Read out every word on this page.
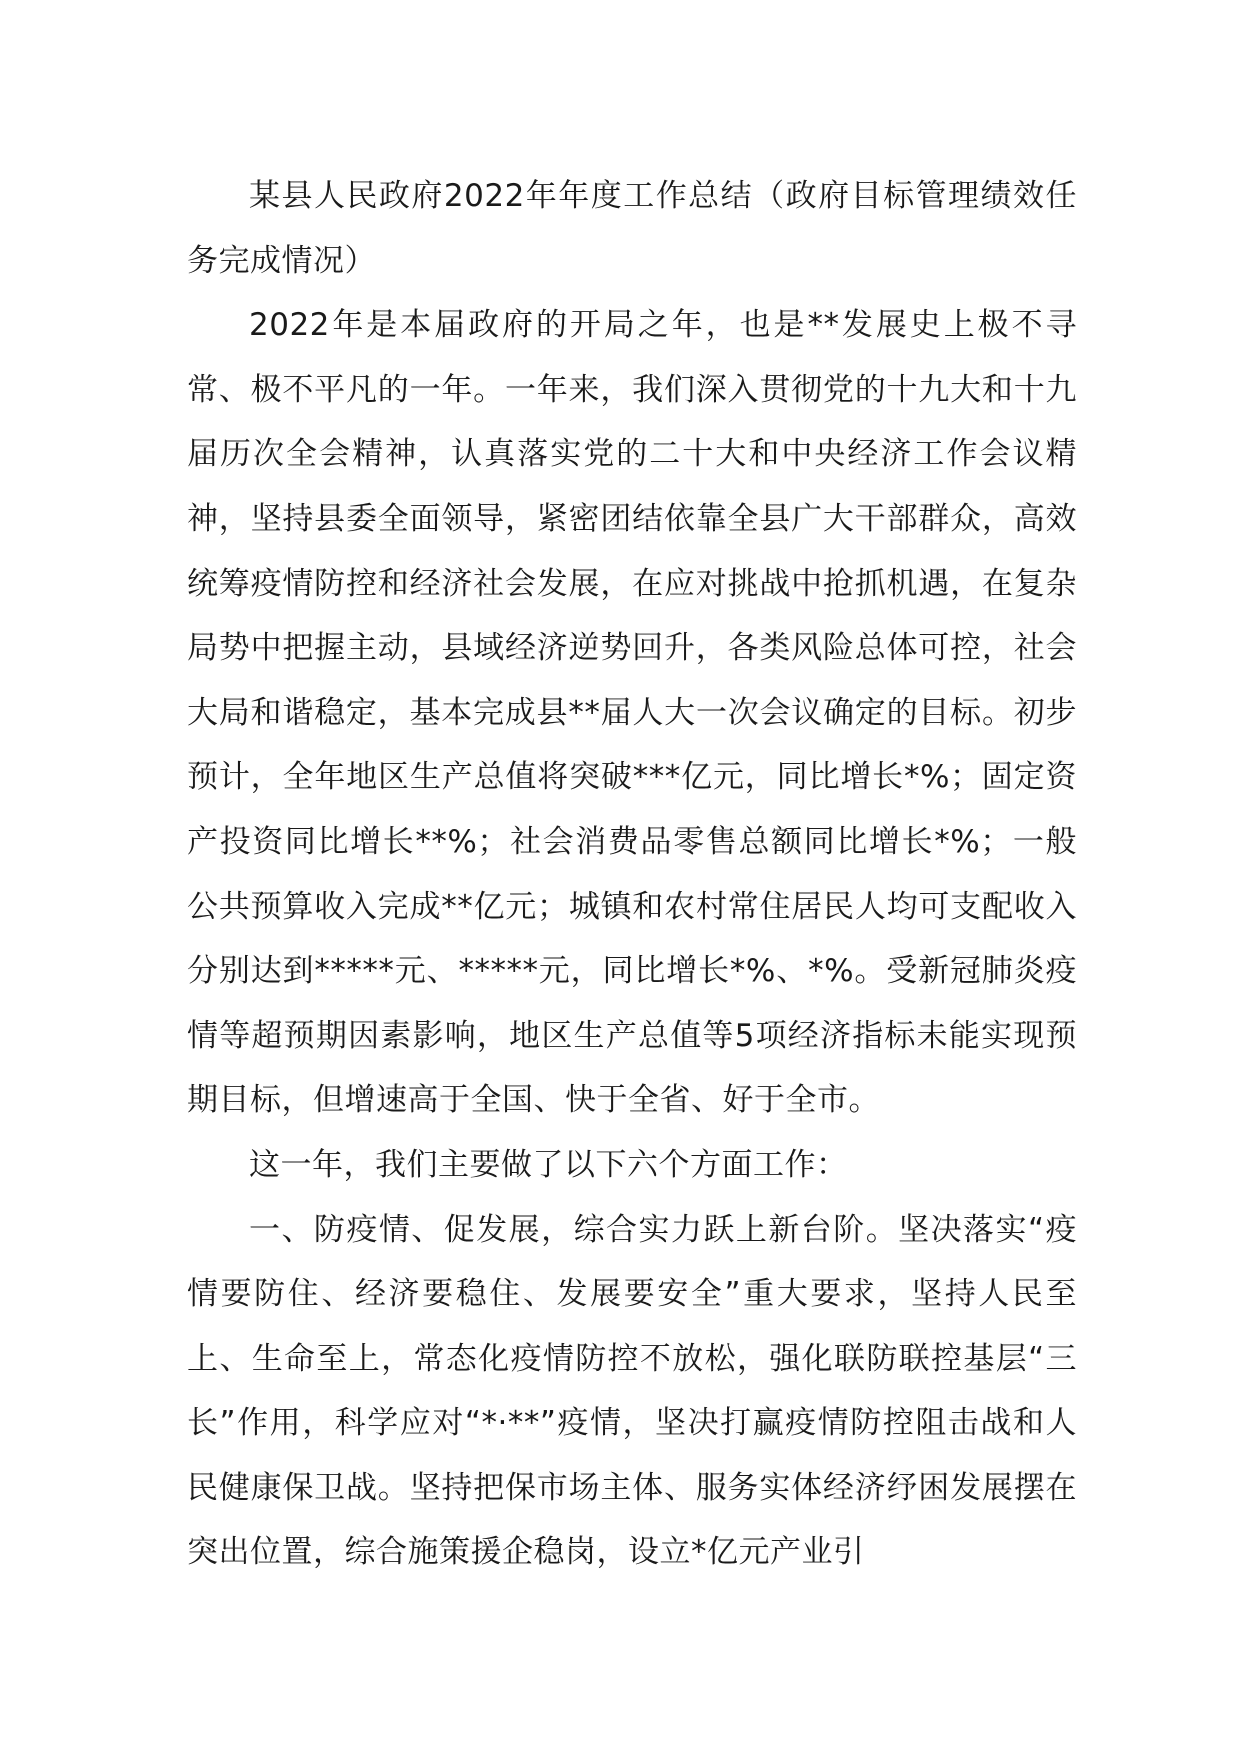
某县人民政府2022年年度工作总结（政府目标管理绩效任务完成情况）

2022年是本届政府的开局之年，也是**发展史上极不寻常、极不平凡的一年。一年来，我们深入贯彻党的十九大和十九届历次全会精神，认真落实党的二十大和中央经济工作会议精神，坚持县委全面领导，紧密团结依靠全县广大干部群众，高效统筹疫情防控和经济社会发展，在应对挑战中抢抓机遇，在复杂局势中把握主动，县域经济逆势回升，各类风险总体可控，社会大局和谐稳定，基本完成县**届人大一次会议确定的目标。初步预计，全年地区生产总值将突破***亿元，同比增长*%；固定资产投资同比增长**%；社会消费品零售总额同比增长*%；一般公共预算收入完成**亿元；城镇和农村常住居民人均可支配收入分别达到*****元、*****元，同比增长*%、*%。受新冠肺炎疫情等超预期因素影响，地区生产总值等5项经济指标未能实现预期目标，但增速高于全国、快于全省、好于全市。

这一年，我们主要做了以下六个方面工作：

一、防疫情、促发展，综合实力跃上新台阶。坚决落实“疫情要防住、经济要稳住、发展要安全”重大要求，坚持人民至上、生命至上，常态化疫情防控不放松，强化联防联控基层“三长”作用，科学应对“*·**”疫情，坚决打赢疫情防控阻击战和人民健康保卫战。坚持把保市场主体、服务实体经济纾困发展摆在突出位置，综合施策援企稳岗，设立*亿元产业引
